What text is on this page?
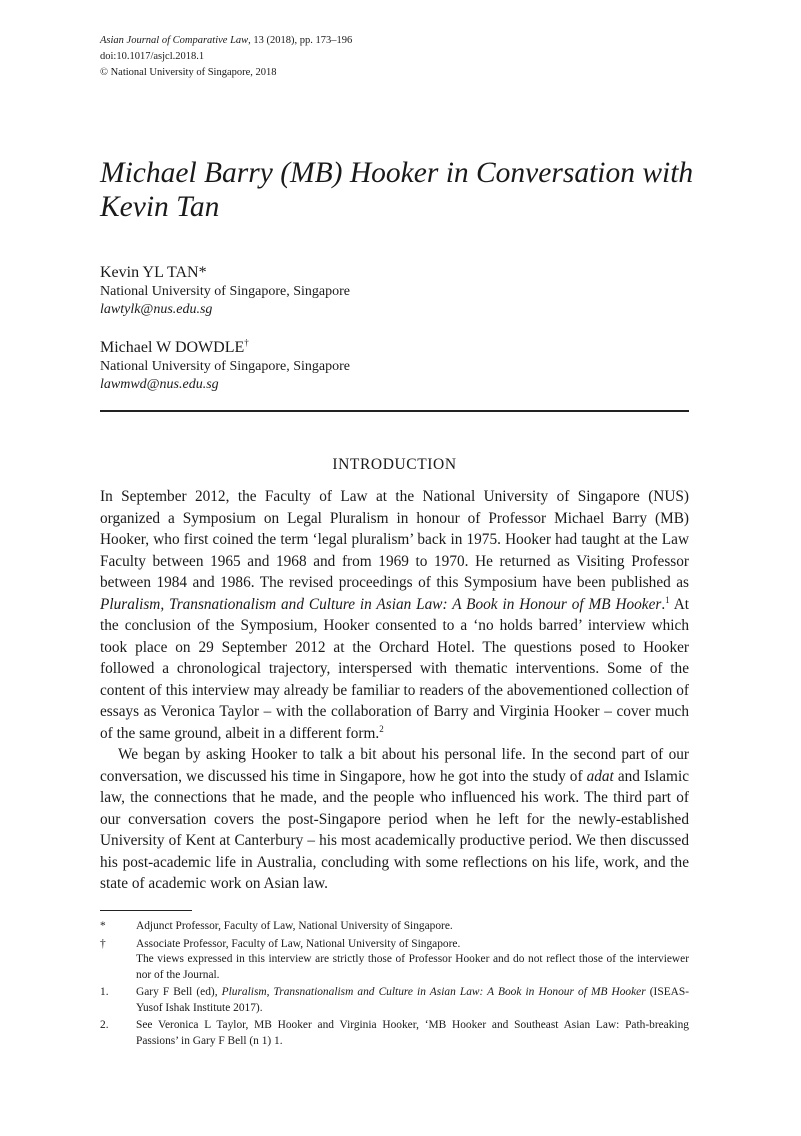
Asian Journal of Comparative Law, 13 (2018), pp. 173–196
doi:10.1017/asjcl.2018.1
© National University of Singapore, 2018
Michael Barry (MB) Hooker in Conversation with Kevin Tan
Kevin YL TAN*
National University of Singapore, Singapore
lawtylk@nus.edu.sg
Michael W DOWDLE†
National University of Singapore, Singapore
lawmwd@nus.edu.sg
INTRODUCTION

In September 2012, the Faculty of Law at the National University of Singapore (NUS) organized a Symposium on Legal Pluralism in honour of Professor Michael Barry (MB) Hooker, who first coined the term ‘legal pluralism’ back in 1975. Hooker had taught at the Law Faculty between 1965 and 1968 and from 1969 to 1970. He returned as Visiting Professor between 1984 and 1986. The revised proceedings of this Symposium have been published as Pluralism, Transnationalism and Culture in Asian Law: A Book in Honour of MB Hooker.$^1$ At the conclusion of the Symposium, Hooker consented to a ‘no holds barred’ interview which took place on 29 September 2012 at the Orchard Hotel. The questions posed to Hooker followed a chronological trajectory, interspersed with thematic interventions. Some of the content of this interview may already be familiar to readers of the abovementioned collection of essays as Veronica Taylor – with the collaboration of Barry and Virginia Hooker – cover much of the same ground, albeit in a different form.$^2$

We began by asking Hooker to talk a bit about his personal life. In the second part of our conversation, we discussed his time in Singapore, how he got into the study of adat and Islamic law, the connections that he made, and the people who influenced his work. The third part of our conversation covers the post-Singapore period when he left for the newly-established University of Kent at Canterbury – his most academically productive period. We then discussed his post-academic life in Australia, concluding with some reflections on his life, work, and the state of academic work on Asian law.

*	Adjunct Professor, Faculty of Law, National University of Singapore.
†	Associate Professor, Faculty of Law, National University of Singapore.
The views expressed in this interview are strictly those of Professor Hooker and do not reflect those of the interviewer nor of the Journal.
1.	Gary F Bell (ed), Pluralism, Transnationalism and Culture in Asian Law: A Book in Honour of MB Hooker (ISEAS-Yusof Ishak Institute 2017).
2.	See Veronica L Taylor, MB Hooker and Virginia Hooker, ‘MB Hooker and Southeast Asian Law: Path-breaking Passions’ in Gary F Bell (n 1) 1.
